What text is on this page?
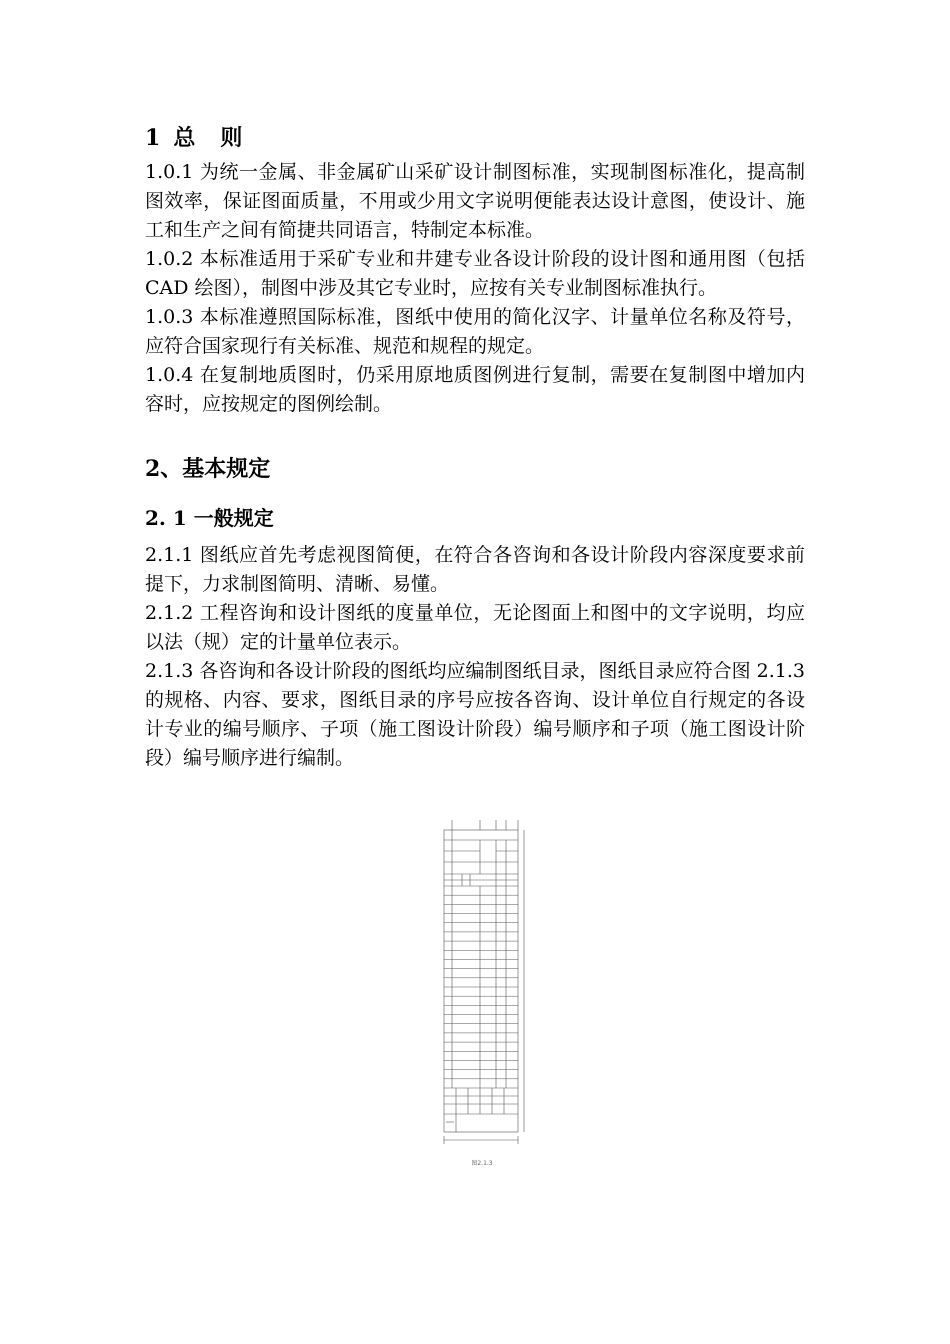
1 总 则

1.0.1 为统一金属、非金属矿山采矿设计制图标准，实现制图标准化，提高制图效率，保证图面质量，不用或少用文字说明便能表达设计意图，使设计、施工和生产之间有简捷共同语言，特制定本标准。

1.0.2 本标准适用于采矿专业和井建专业各设计阶段的设计图和通用图（包括 CAD 绘图），制图中涉及其它专业时，应按有关专业制图标准执行。

1.0.3 本标准遵照国际标准，图纸中使用的简化汉字、计量单位名称及符号，应符合国家现行有关标准、规范和规程的规定。

1.0.4 在复制地质图时，仍采用原地质图例进行复制，需要在复制图中增加内容时，应按规定的图例绘制。

2、基本规定
2. 1 一般规定

2.1.1 图纸应首先考虑视图简便，在符合各咨询和各设计阶段内容深度要求前提下，力求制图简明、清晰、易懂。

2.1.2 工程咨询和设计图纸的度量单位，无论图面上和图中的文字说明，均应以法（规）定的计量单位表示。

2.1.3 各咨询和各设计阶段的图纸均应编制图纸目录，图纸目录应符合图 2.1.3 的规格、内容、要求，图纸目录的序号应按各咨询、设计单位自行规定的各设计专业的编号顺序、子项（施工图设计阶段）编号顺序和子项（施工图设计阶段）编号顺序进行编制。

图2.1.3
